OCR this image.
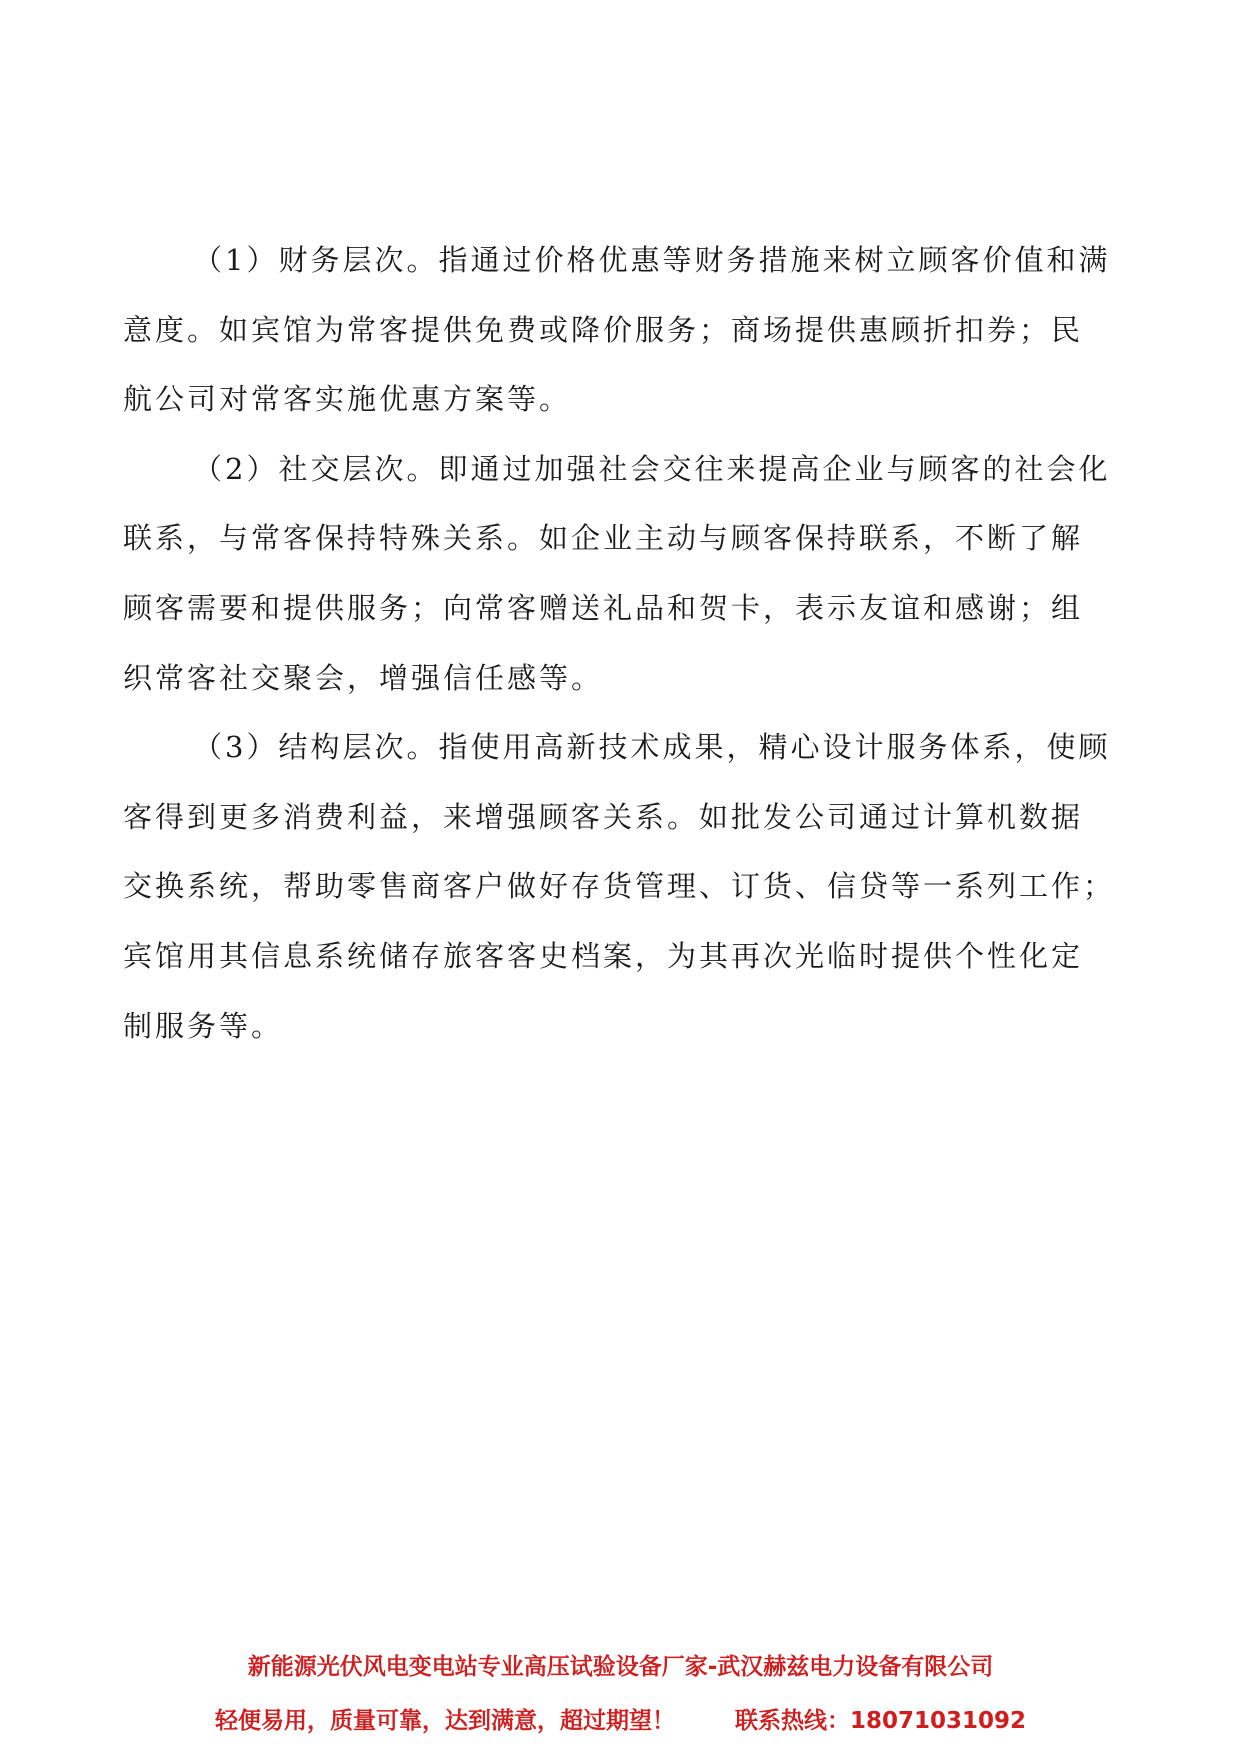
（1）财务层次。指通过价格优惠等财务措施来树立顾客价值和满
意度。如宾馆为常客提供免费或降价服务；商场提供惠顾折扣券；民
航公司对常客实施优惠方案等。
（2）社交层次。即通过加强社会交往来提高企业与顾客的社会化
联系，与常客保持特殊关系。如企业主动与顾客保持联系，不断了解
顾客需要和提供服务；向常客赠送礼品和贺卡，表示友谊和感谢；组
织常客社交聚会，增强信任感等。
（3）结构层次。指使用高新技术成果，精心设计服务体系，使顾
客得到更多消费利益，来增强顾客关系。如批发公司通过计算机数据
交换系统，帮助零售商客户做好存货管理、订货、信贷等一系列工作；
宾馆用其信息系统储存旅客客史档案，为其再次光临时提供个性化定
制服务等。
新能源光伏风电变电站专业高压试验设备厂家-武汉赫兹电力设备有限公司
轻便易用，质量可靠，达到满意，超过期望！	联系热线：18071031092
